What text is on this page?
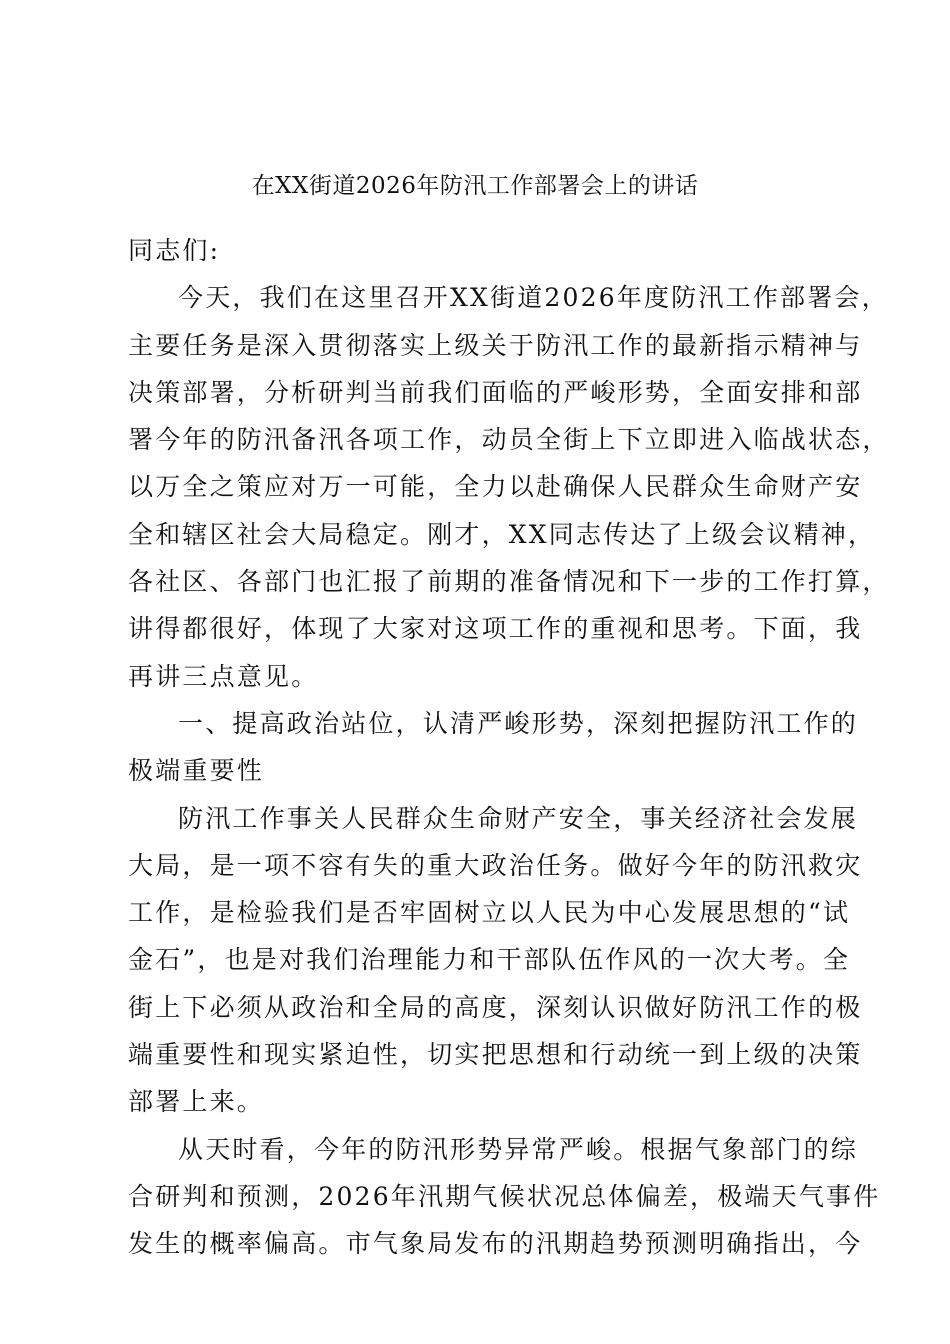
在XX街道2026年防汛工作部署会上的讲话
同志们:
今天，我们在这里召开XX街道2026年度防汛工作部署会，
主要任务是深入贯彻落实上级关于防汛工作的最新指示精神与
决策部署，分析研判当前我们面临的严峻形势，全面安排和部
署今年的防汛备汛各项工作，动员全街上下立即进入临战状态，
以万全之策应对万一可能，全力以赴确保人民群众生命财产安
全和辖区社会大局稳定。刚才，XX同志传达了上级会议精神，
各社区、各部门也汇报了前期的准备情况和下一步的工作打算，
讲得都很好，体现了大家对这项工作的重视和思考。下面，我
再讲三点意见。
一、提高政治站位，认清严峻形势，深刻把握防汛工作的
极端重要性
防汛工作事关人民群众生命财产安全，事关经济社会发展
大局，是一项不容有失的重大政治任务。做好今年的防汛救灾
工作，是检验我们是否牢固树立以人民为中心发展思想的“试
金石”，也是对我们治理能力和干部队伍作风的一次大考。全
街上下必须从政治和全局的高度，深刻认识做好防汛工作的极
端重要性和现实紧迫性，切实把思想和行动统一到上级的决策
部署上来。
从天时看，今年的防汛形势异常严峻。根据气象部门的综
合研判和预测，2026年汛期气候状况总体偏差，极端天气事件
发生的概率偏高。市气象局发布的汛期趋势预测明确指出，今
